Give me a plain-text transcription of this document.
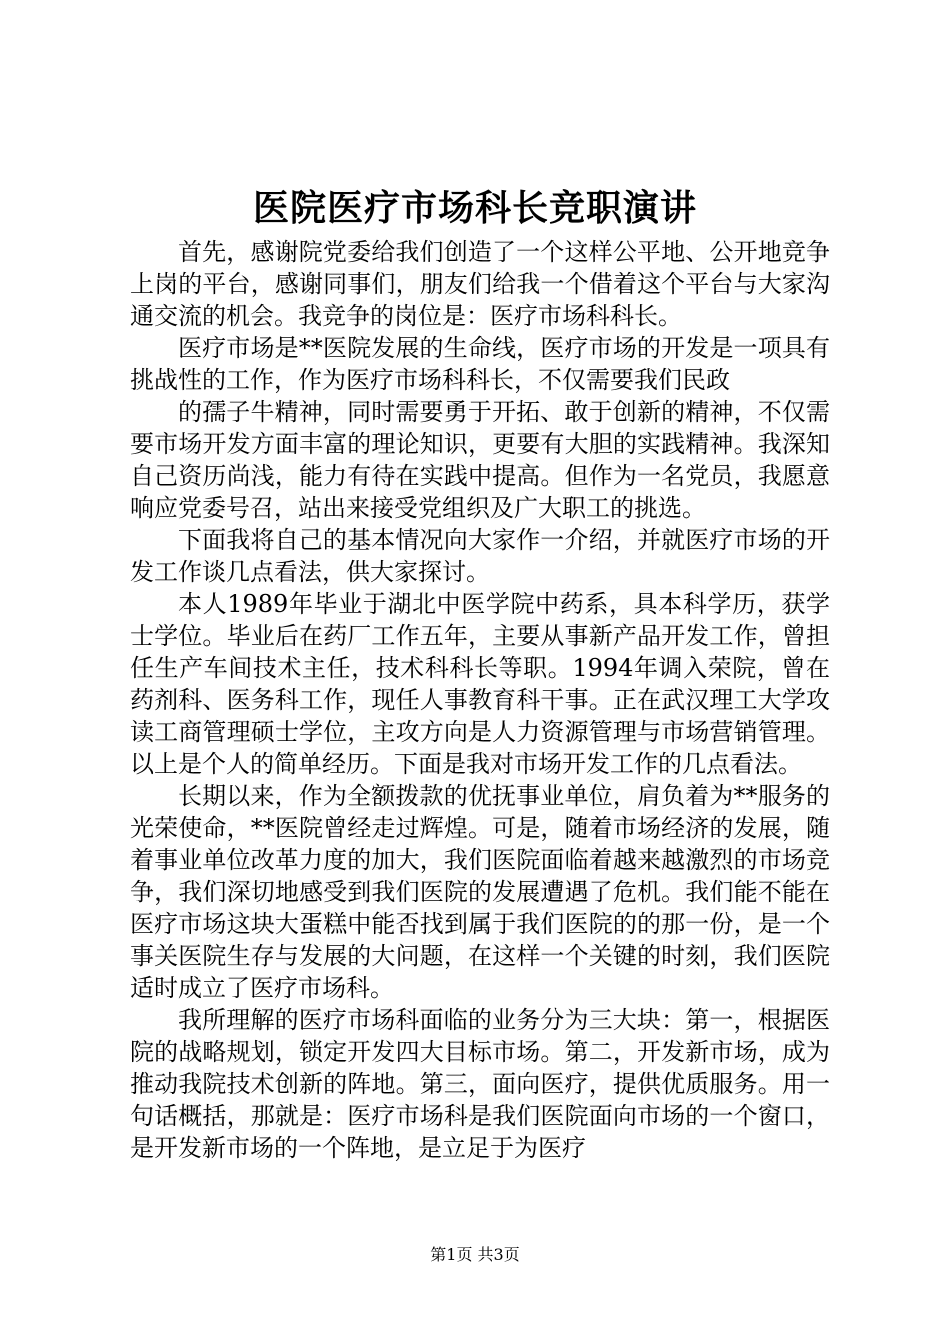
医院医疗市场科长竞职演讲

首先，感谢院党委给我们创造了一个这样公平地、公开地竞争上岗的平台，感谢同事们，朋友们给我一个借着这个平台与大家沟通交流的机会。我竞争的岗位是：医疗市场科科长。

医疗市场是**医院发展的生命线，医疗市场的开发是一项具有挑战性的工作，作为医疗市场科科长，不仅需要我们民政

的孺子牛精神，同时需要勇于开拓、敢于创新的精神，不仅需要市场开发方面丰富的理论知识，更要有大胆的实践精神。我深知自己资历尚浅，能力有待在实践中提高。但作为一名党员，我愿意响应党委号召，站出来接受党组织及广大职工的挑选。

下面我将自己的基本情况向大家作一介绍，并就医疗市场的开发工作谈几点看法，供大家探讨。

本人1989年毕业于湖北中医学院中药系，具本科学历，获学士学位。毕业后在药厂工作五年，主要从事新产品开发工作，曾担任生产车间技术主任，技术科科长等职。1994年调入荣院，曾在药剂科、医务科工作，现任人事教育科干事。正在武汉理工大学攻读工商管理硕士学位，主攻方向是人力资源管理与市场营销管理。以上是个人的简单经历。下面是我对市场开发工作的几点看法。

长期以来，作为全额拨款的优抚事业单位，肩负着为**服务的光荣使命，**医院曾经走过辉煌。可是，随着市场经济的发展，随着事业单位改革力度的加大，我们医院面临着越来越激烈的市场竞争，我们深切地感受到我们医院的发展遭遇了危机。我们能不能在医疗市场这块大蛋糕中能否找到属于我们医院的的那一份，是一个事关医院生存与发展的大问题，在这样一个关键的时刻，我们医院适时成立了医疗市场科。

我所理解的医疗市场科面临的业务分为三大块：第一，根据医院的战略规划，锁定开发四大目标市场。第二，开发新市场，成为推动我院技术创新的阵地。第三，面向医疗，提供优质服务。用一句话概括，那就是：医疗市场科是我们医院面向市场的一个窗口，是开发新市场的一个阵地，是立足于为医疗

第1页 共3页
